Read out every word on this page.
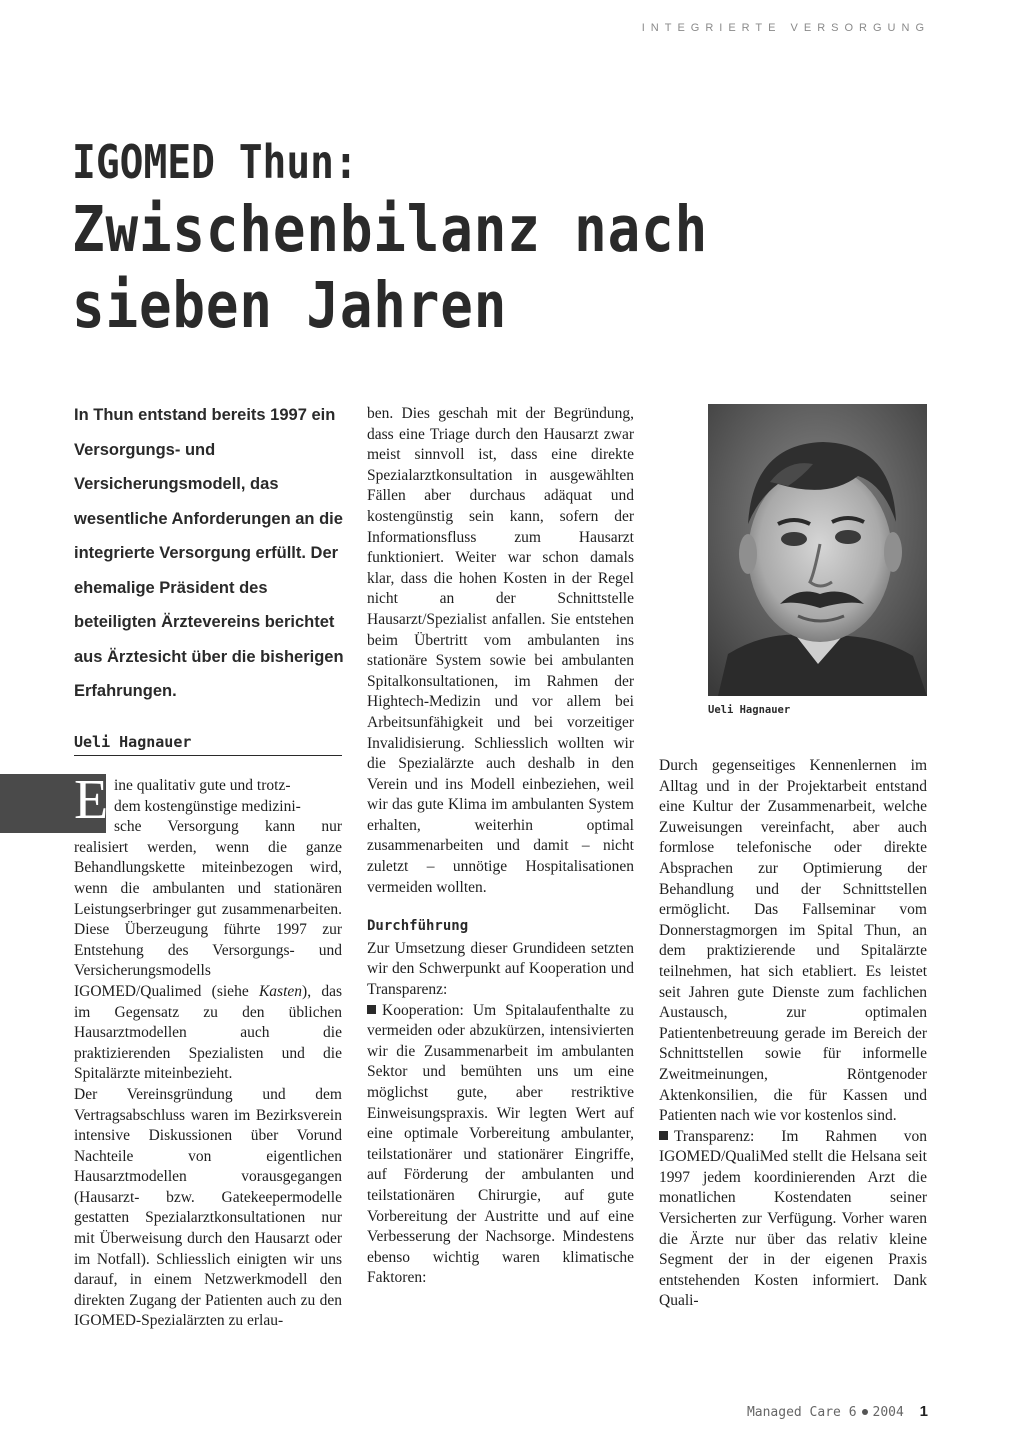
INTEGRIERTE VERSORGUNG
IGOMED Thun:
Zwischenbilanz nach
sieben Jahren

In Thun entstand bereits 1997 ein Versorgungs- und Versicherungsmodell, das wesentliche Anforderungen an die integrierte Versorgung erfüllt. Der ehemalige Präsident des beteiligten Ärztevereins berichtet aus Ärztesicht über die bisherigen Erfahrungen.

Ueli Hagnauer
E ine qualitativ gute und trotz-
dem kostengünstige medizini-
sche Versorgung kann nur
realisiert werden, wenn die ganze Behandlungskette miteinbezogen wird, wenn die ambulanten und stationären Leistungserbringer gut zusammenarbeiten. Diese Überzeugung führte 1997 zur Entstehung des Versorgungs- und Versicherungsmodells IGOMED/Qualimed (siehe Kasten), das im Gegensatz zu den üblichen Hausarztmodellen auch die praktizierenden Spezialisten und die Spitalärzte miteinbezieht.

Der Vereinsgründung und dem Vertragsabschluss waren im Bezirksverein intensive Diskussionen über Vorund Nachteile von eigentlichen Hausarztmodellen vorausgegangen (Hausarzt- bzw. Gatekeepermodelle gestatten Spezialarztkonsultationen nur mit Überweisung durch den Hausarzt oder im Notfall). Schliesslich einigten wir uns darauf, in einem Netzwerkmodell den direkten Zugang der Patienten auch zu den IGOMED-Spezialärzten zu erlau-

ben. Dies geschah mit der Begründung, dass eine Triage durch den Hausarzt zwar meist sinnvoll ist, dass eine direkte Spezialarztkonsultation in ausgewählten Fällen aber durchaus adäquat und kostengünstig sein kann, sofern der Informationsfluss zum Hausarzt funktioniert. Weiter war schon damals klar, dass die hohen Kosten in der Regel nicht an der Schnittstelle Hausarzt/Spezialist anfallen. Sie entstehen beim Übertritt vom ambulanten ins stationäre System sowie bei ambulanten Spitalkonsultationen, im Rahmen der Hightech-Medizin und vor allem bei Arbeitsunfähigkeit und bei vorzeitiger Invalidisierung. Schliesslich wollten wir die Spezialärzte auch deshalb in den Verein und ins Modell einbeziehen, weil wir das gute Klima im ambulanten System erhalten, weiterhin optimal zusammenarbeiten und damit – nicht zuletzt – unnötige Hospitalisationen vermeiden wollten.

Durchführung

Zur Umsetzung dieser Grundideen setzten wir den Schwerpunkt auf Kooperation und Transparenz:

Kooperation: Um Spitalaufenthalte zu vermeiden oder abzukürzen, intensivierten wir die Zusammenarbeit im ambulanten Sektor und bemühten uns um eine möglichst gute, aber restriktive Einweisungspraxis. Wir legten Wert auf eine optimale Vorbereitung ambulanter, teilstationärer und stationärer Eingriffe, auf Förderung der ambulanten und teilstationären Chirurgie, auf gute Vorbereitung der Austritte und auf eine Verbesserung der Nachsorge. Mindestens ebenso wichtig waren klimatische Faktoren:

Ueli Hagnauer

Durch gegenseitiges Kennenlernen im Alltag und in der Projektarbeit entstand eine Kultur der Zusammenarbeit, welche Zuweisungen vereinfacht, aber auch formlose telefonische oder direkte Absprachen zur Optimierung der Behandlung und der Schnittstellen ermöglicht. Das Fallseminar vom Donnerstagmorgen im Spital Thun, an dem praktizierende und Spitalärzte teilnehmen, hat sich etabliert. Es leistet seit Jahren gute Dienste zum fachlichen Austausch, zur optimalen Patientenbetreuung gerade im Bereich der Schnittstellen sowie für informelle Zweitmeinungen, Röntgenoder Aktenkonsilien, die für Kassen und Patienten nach wie vor kostenlos sind.

Transparenz: Im Rahmen von IGOMED/QualiMed stellt die Helsana seit 1997 jedem koordinierenden Arzt die monatlichen Kostendaten seiner Versicherten zur Verfügung. Vorher waren die Ärzte nur über das relativ kleine Segment der in der eigenen Praxis entstehenden Kosten informiert. Dank Quali-

Managed Care 6 2004 1
